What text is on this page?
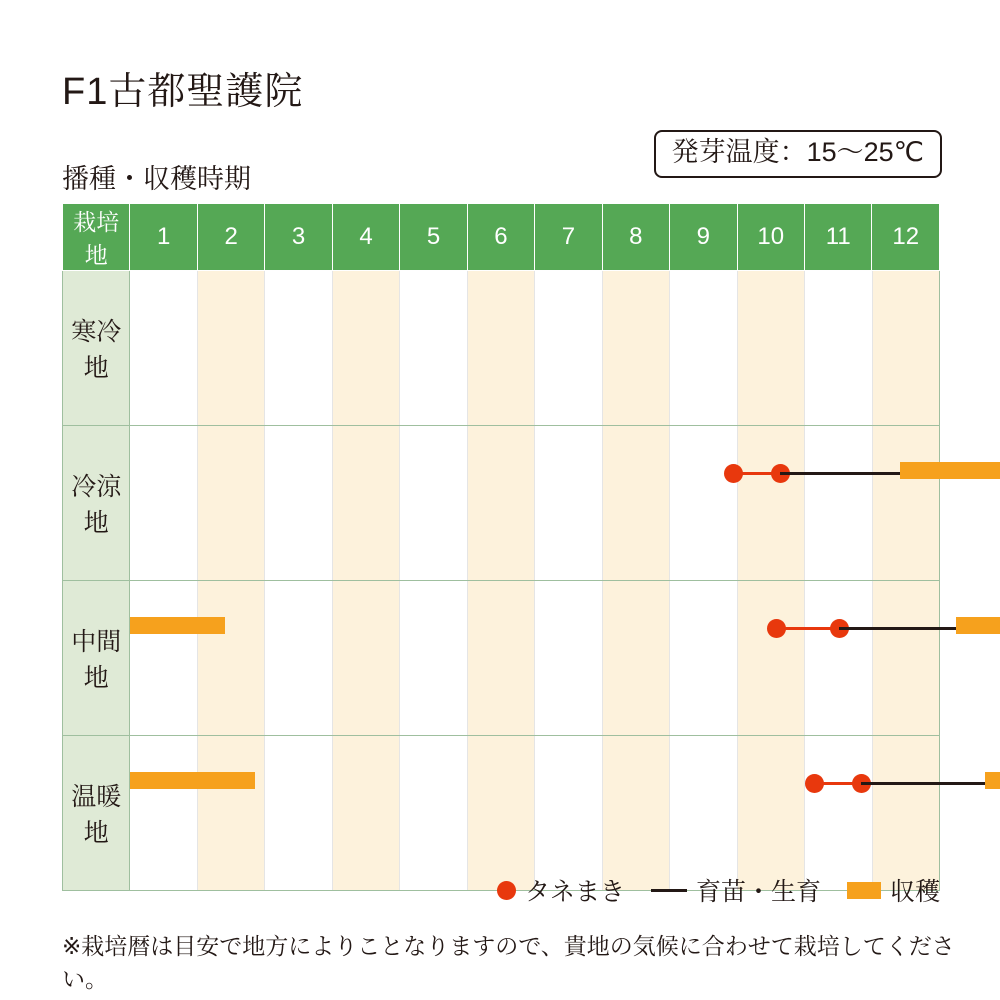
F1古都聖護院
発芽温度：15～25℃
播種・収穫時期
栽培地	1	2	3	4	5	6	7	8	9	10	11	12
寒冷地												

冷涼地												

中間地												

温暖地												
タネまき	育苗・生育	収穫
※栽培暦は目安で地方によりことなりますので、貴地の気候に合わせて栽培してください。
